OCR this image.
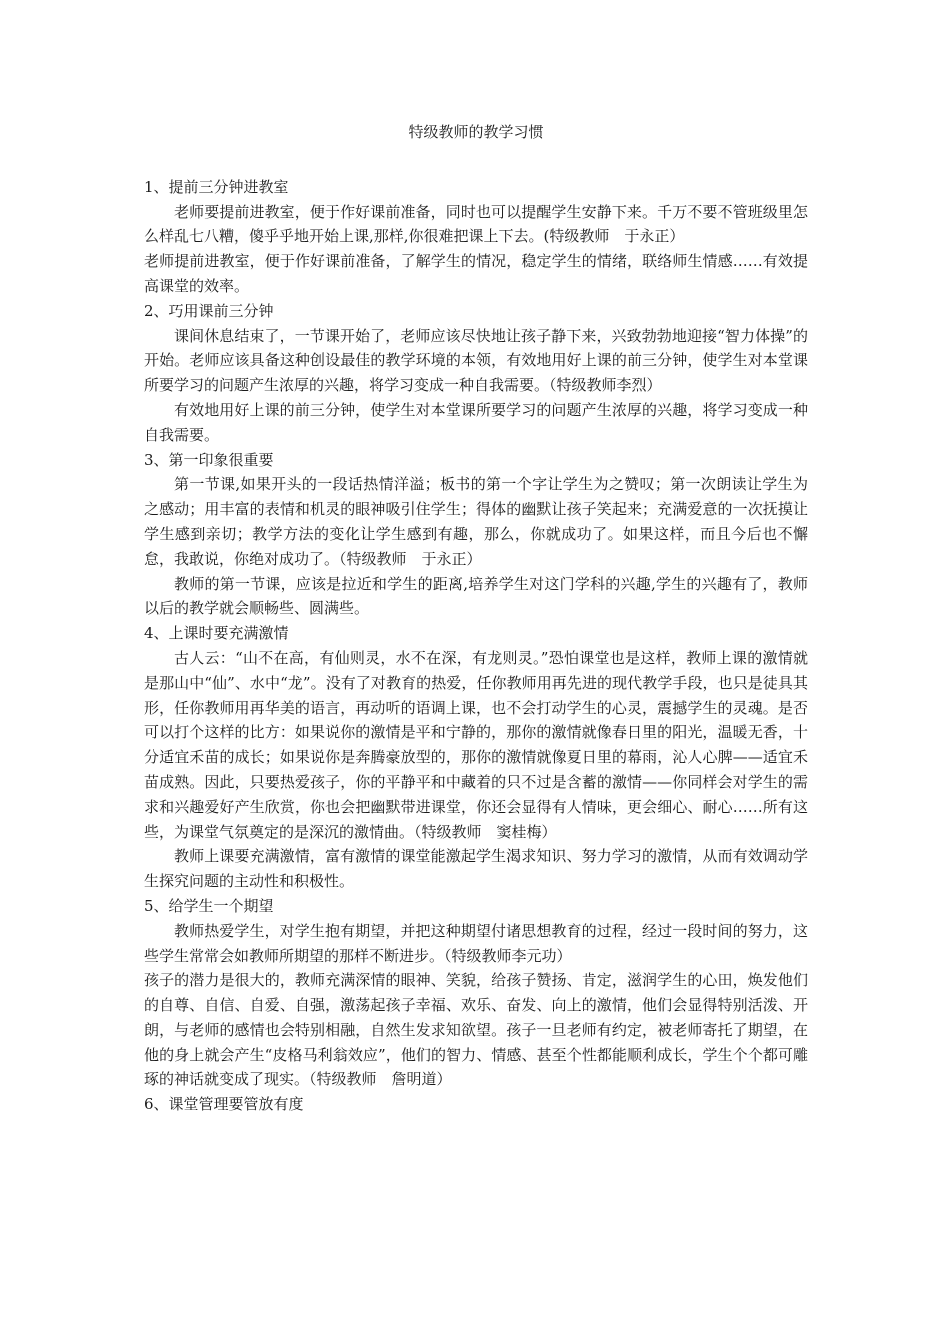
特级教师的教学习惯
1、提前三分钟进教室
老师要提前进教室，便于作好课前准备，同时也可以提醒学生安静下来。千万不要不管班级里怎么样乱七八糟，傻乎乎地开始上课,那样,你很难把课上下去。(特级教师　于永正）
老师提前进教室，便于作好课前准备，了解学生的情况，稳定学生的情绪，联络师生情感……有效提高课堂的效率。
2、巧用课前三分钟
课间休息结束了，一节课开始了，老师应该尽快地让孩子静下来，兴致勃勃地迎接“智力体操”的开始。老师应该具备这种创设最佳的教学环境的本领，有效地用好上课的前三分钟，使学生对本堂课所要学习的问题产生浓厚的兴趣，将学习变成一种自我需要。（特级教师李烈）
有效地用好上课的前三分钟，使学生对本堂课所要学习的问题产生浓厚的兴趣，将学习变成一种自我需要。
3、第一印象很重要
第一节课,如果开头的一段话热情洋溢；板书的第一个字让学生为之赞叹；第一次朗读让学生为之感动；用丰富的表情和机灵的眼神吸引住学生；得体的幽默让孩子笑起来；充满爱意的一次抚摸让学生感到亲切；教学方法的变化让学生感到有趣，那么，你就成功了。如果这样，而且今后也不懈怠，我敢说，你绝对成功了。（特级教师　于永正）
教师的第一节课，应该是拉近和学生的距离,培养学生对这门学科的兴趣,学生的兴趣有了，教师以后的教学就会顺畅些、圆满些。
4、上课时要充满激情
古人云：“山不在高，有仙则灵，水不在深，有龙则灵。”恐怕课堂也是这样，教师上课的激情就是那山中“仙”、水中“龙”。没有了对教育的热爱，任你教师用再先进的现代教学手段，也只是徒具其形，任你教师用再华美的语言，再动听的语调上课，也不会打动学生的心灵，震撼学生的灵魂。是否可以打个这样的比方：如果说你的激情是平和宁静的，那你的激情就像春日里的阳光，温暖无香，十分适宜禾苗的成长；如果说你是奔腾豪放型的，那你的激情就像夏日里的幕雨，沁人心脾——适宜禾苗成熟。因此，只要热爱孩子，你的平静平和中藏着的只不过是含蓄的激情——你同样会对学生的需求和兴趣爱好产生欣赏，你也会把幽默带进课堂，你还会显得有人情味，更会细心、耐心……所有这些，为课堂气氛奠定的是深沉的激情曲。（特级教师　窦桂梅）
教师上课要充满激情，富有激情的课堂能激起学生渴求知识、努力学习的激情，从而有效调动学生探究问题的主动性和积极性。
5、给学生一个期望
教师热爱学生，对学生抱有期望，并把这种期望付诸思想教育的过程，经过一段时间的努力，这些学生常常会如教师所期望的那样不断进步。（特级教师李元功）
孩子的潜力是很大的，教师充满深情的眼神、笑貌，给孩子赞扬、肯定，滋润学生的心田，焕发他们的自尊、自信、自爱、自强，激荡起孩子幸福、欢乐、奋发、向上的激情，他们会显得特别活泼、开朗，与老师的感情也会特别相融，自然生发求知欲望。孩子一旦老师有约定，被老师寄托了期望，在他的身上就会产生“皮格马利翁效应”，他们的智力、情感、甚至个性都能顺利成长，学生个个都可雕琢的神话就变成了现实。（特级教师　詹明道）
6、课堂管理要管放有度
